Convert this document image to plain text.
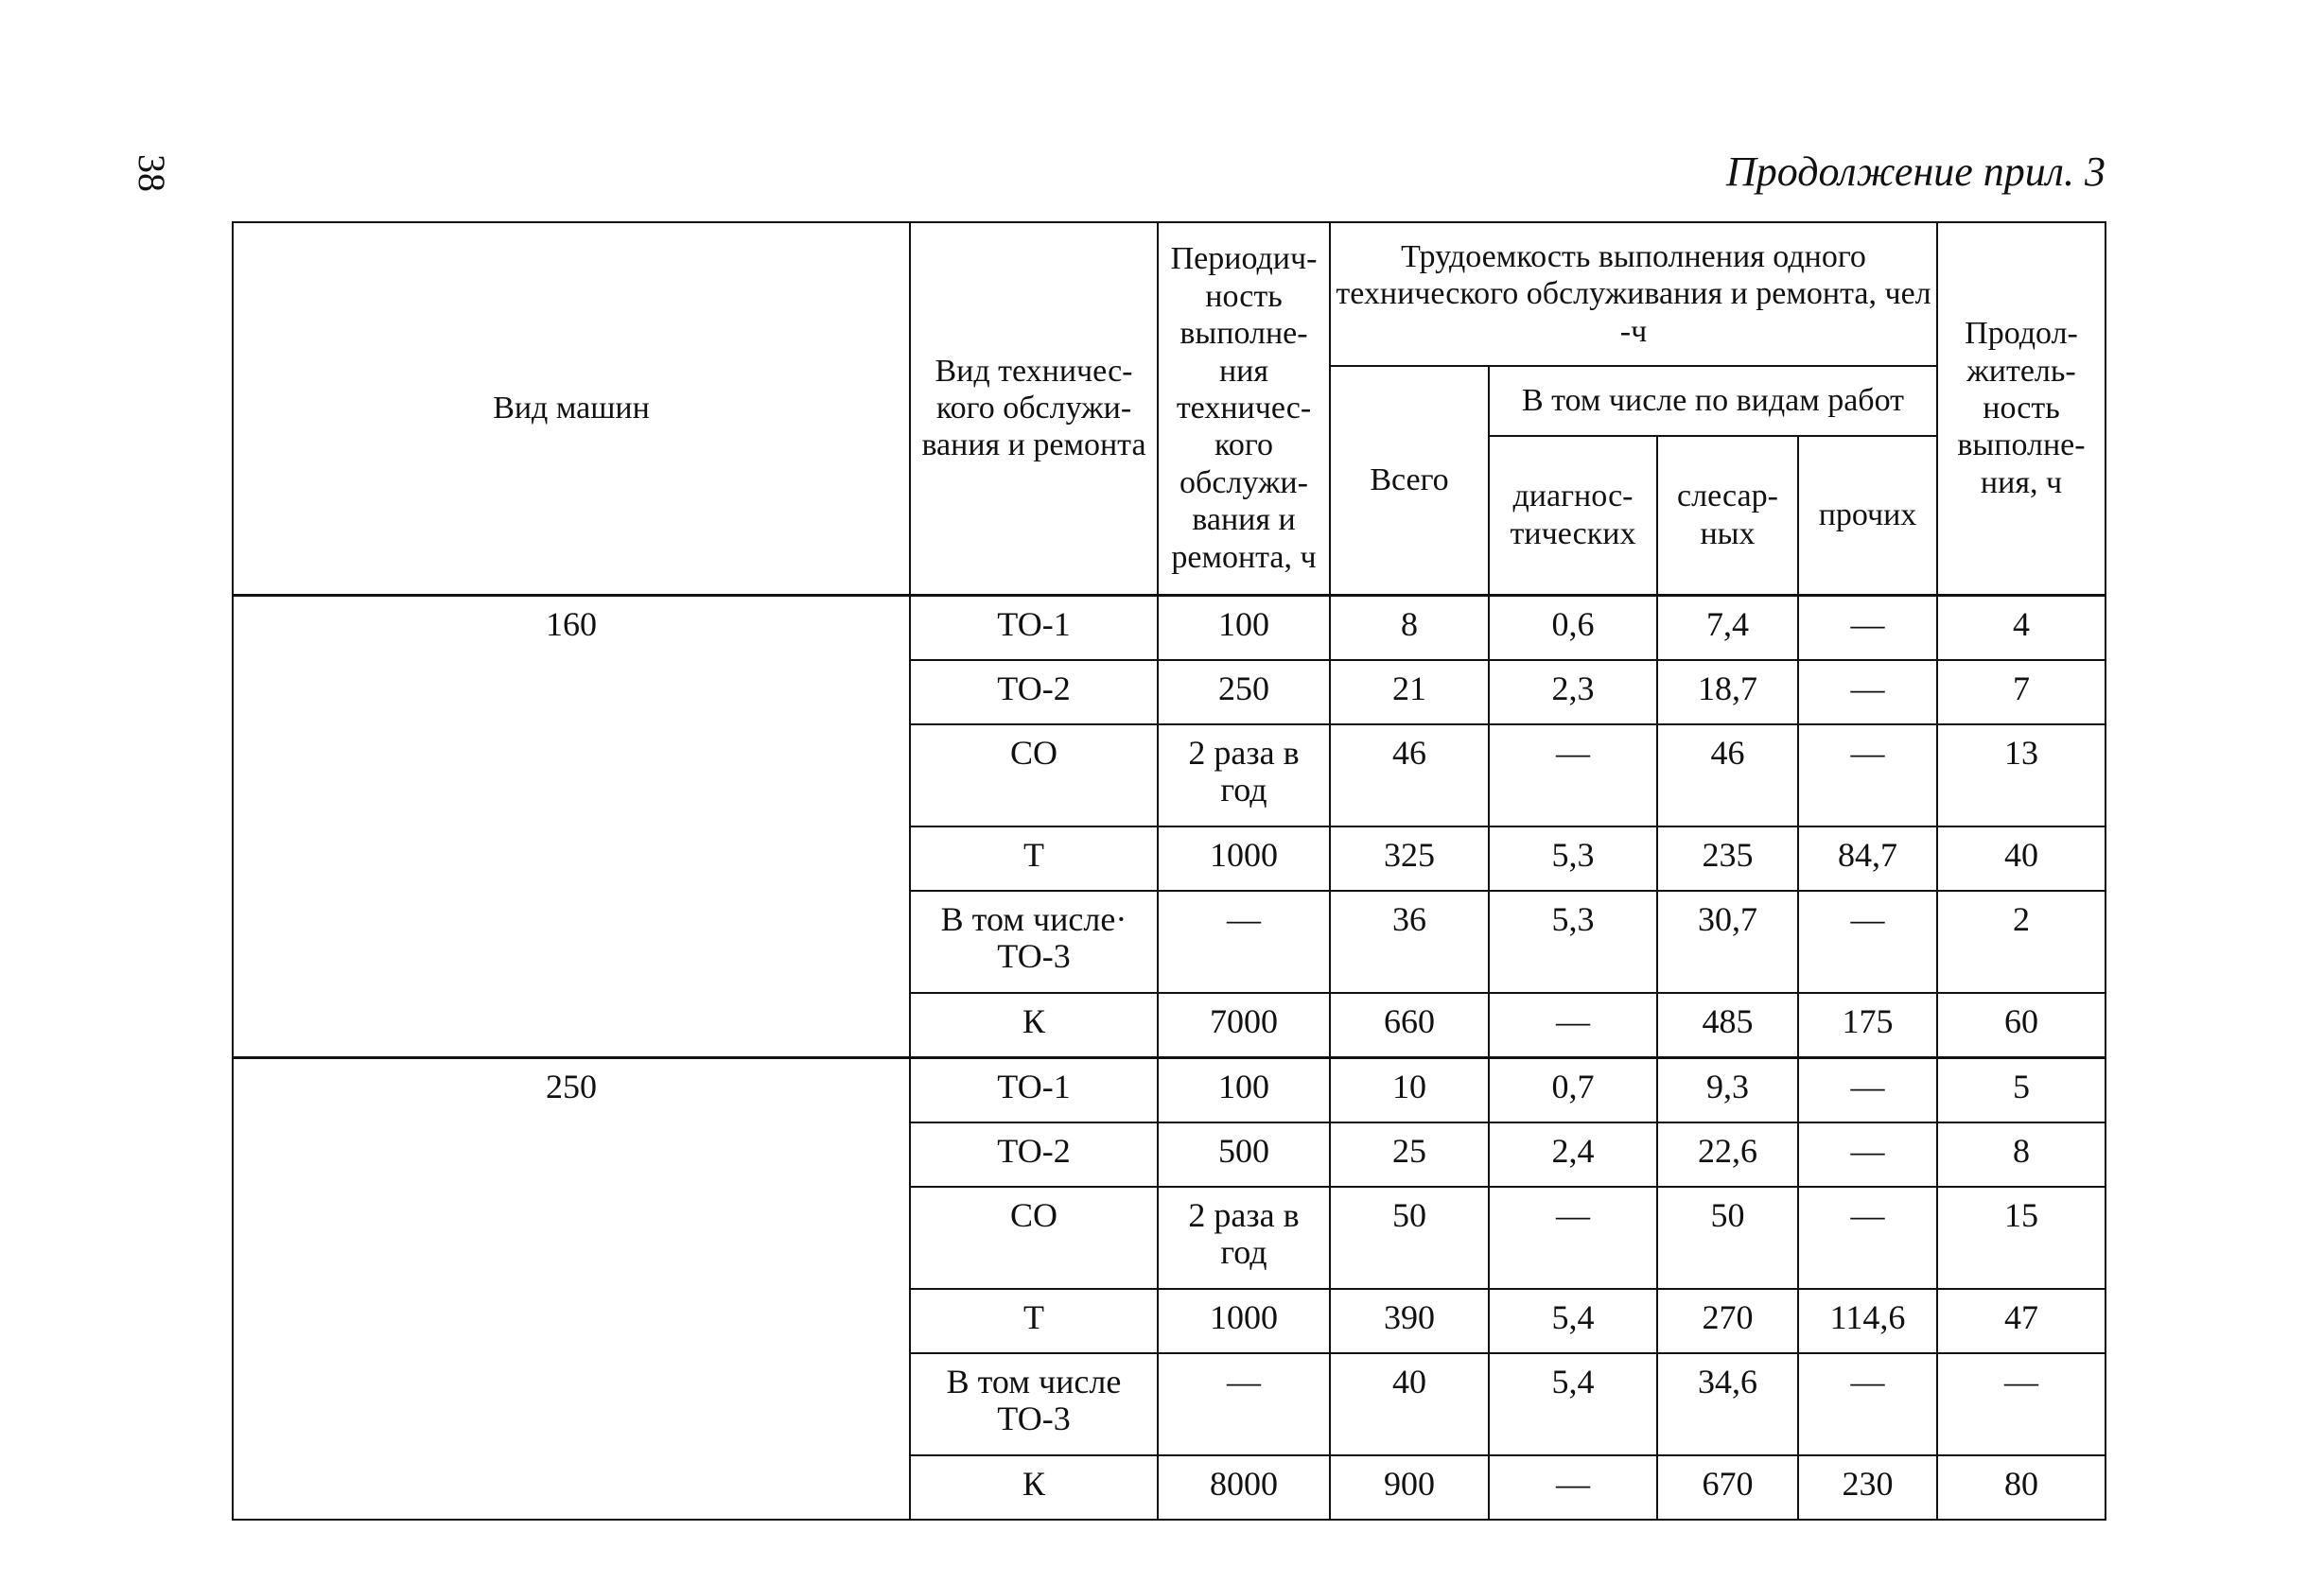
38	Продолжение прил. 3
Вид машин	Вид техничес-кого обслужи-вания и ремонта	Периодич-ность выполне-ния техничес-кого обслужи-вания и ремонта, ч	Трудоемкость выполнения одного технического обслуживания и ремонта, чел -ч				Продол-житель-ность выполне-ния, ч
			Всего	В том числе по видам работ			
				диагнос-тических	слесар-ных	прочих	
160	ТО-1	100	8	0,6	7,4	—	4
	ТО-2	250	21	2,3	18,7	—	7
	СО	2 раза в год	46	—	46	—	13
	Т	1000	325	5,3	235	84,7	40
	В том числе· ТО-3	—	36	5,3	30,7	—	2
	К	7000	660	—	485	175	60
250	ТО-1	100	10	0,7	9,3	—	5
	ТО-2	500	25	2,4	22,6	—	8
	СО	2 раза в год	50	—	50	—	15
	Т	1000	390	5,4	270	114,6	47
	В том числе ТО-3	—	40	5,4	34,6	—	—
	К	8000	900	—	670	230	80
